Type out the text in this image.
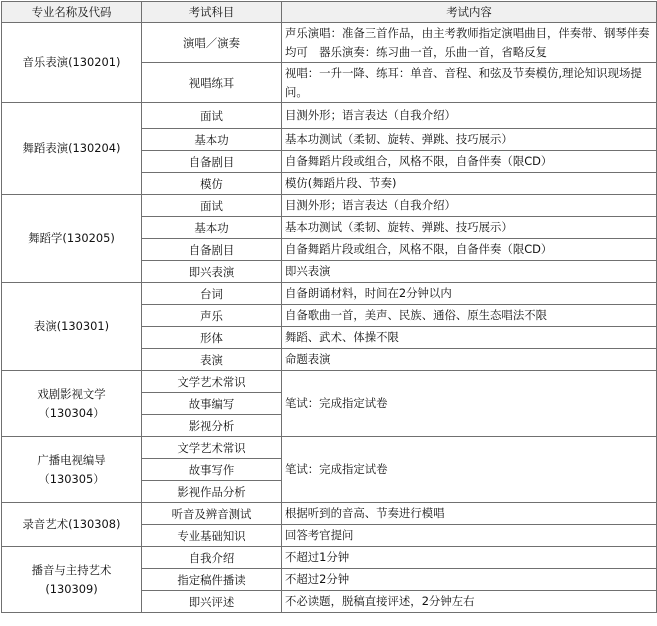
专业名称及代码	考试科目	考试内容

音乐表演(130201)	演唱／演奏	声乐演唱：准备三首作品，由主考教师指定演唱曲目，伴奏带、钢琴伴奏均可　器乐演奏：练习曲一首，乐曲一首，省略反复
	视唱练耳	视唱：一升一降、练耳：单音、音程、和弦及节奏模仿,理论知识现场提问。

舞蹈表演(130204)	面试	目测外形；语言表达（自我介绍）
	基本功	基本功测试（柔韧、旋转、弹跳、技巧展示）
	自备剧目	自备舞蹈片段或组合，风格不限，自备伴奏（限CD）
	模仿	模仿(舞蹈片段、节奏)

舞蹈学(130205)	面试	目测外形；语言表达（自我介绍）
	基本功	基本功测试（柔韧、旋转、弹跳、技巧展示）
	自备剧目	自备舞蹈片段或组合，风格不限，自备伴奏（限CD）
	即兴表演	即兴表演

表演(130301)	台词	自备朗诵材料，时间在2分钟以内
	声乐	自备歌曲一首，美声、民族、通俗、原生态唱法不限
	形体	舞蹈、武术、体操不限
	表演	命题表演

戏剧影视文学
（130304）	文学艺术常识	笔试：完成指定试卷
	故事编写	
	影视分析	

广播电视编导
（130305）	文学艺术常识	笔试：完成指定试卷
	故事写作	
	影视作品分析	

录音艺术(130308)	听音及辨音测试	根据听到的音高、节奏进行模唱
	专业基础知识	回答考官提问

播音与主持艺术
(130309)	自我介绍	不超过1分钟
	指定稿件播读	不超过2分钟
	即兴评述	不必读题，脱稿直接评述，2分钟左右
